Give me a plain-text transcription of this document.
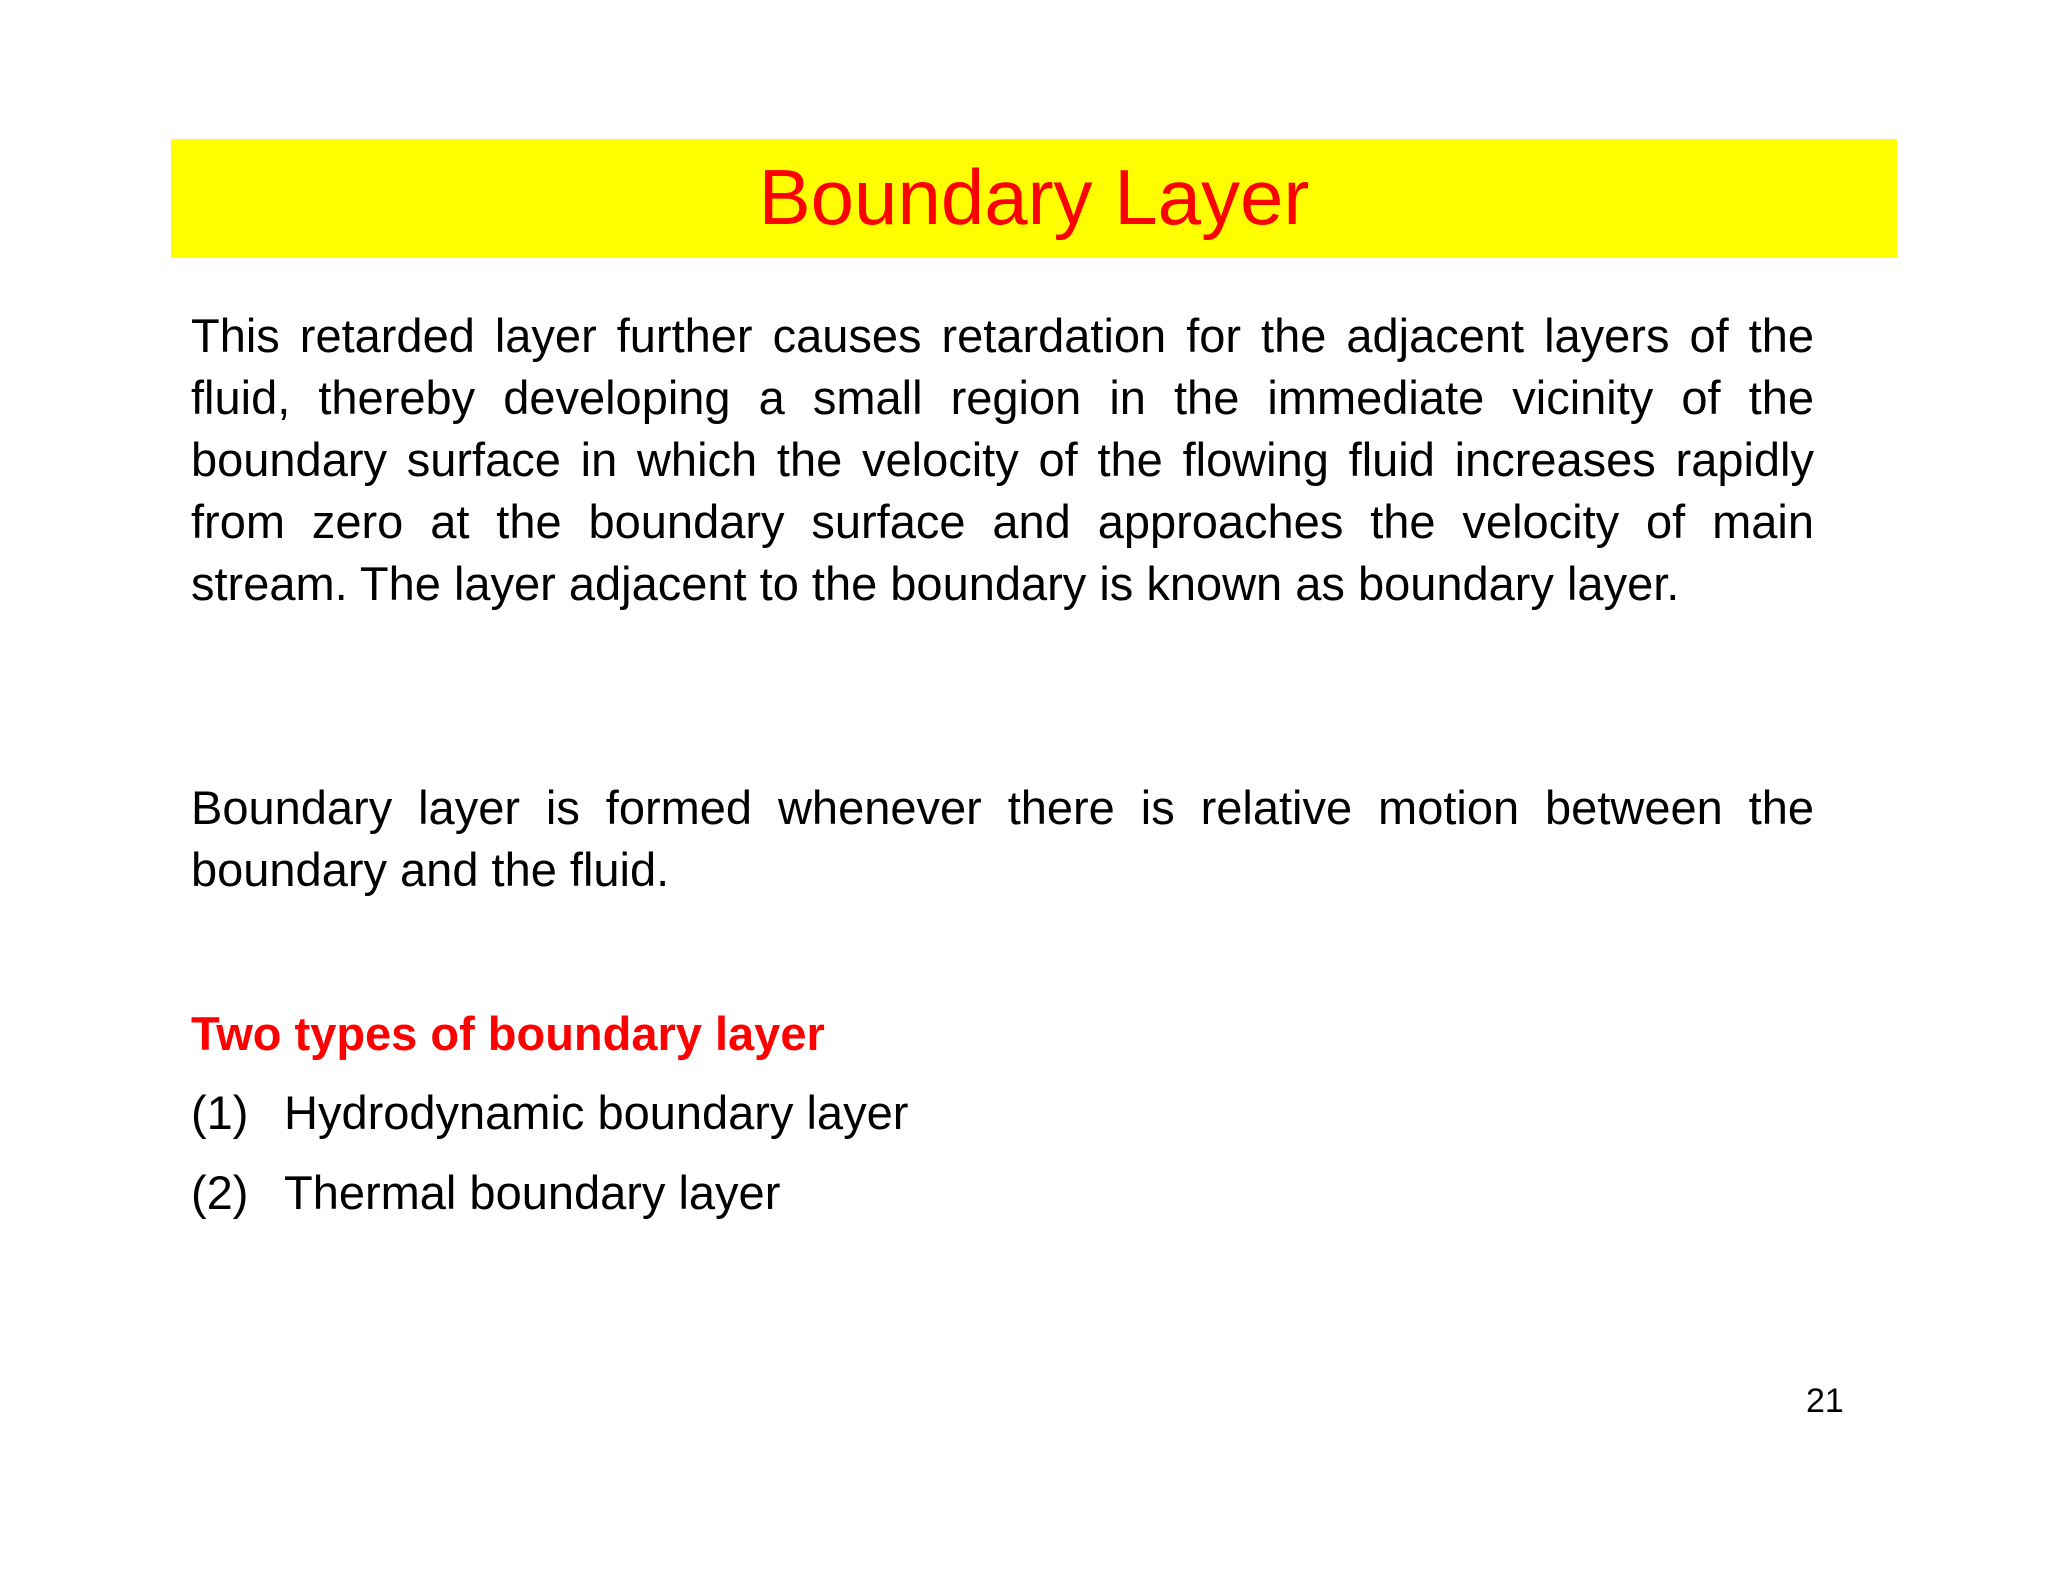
Boundary Layer

This retarded layer further causes retardation for the adjacent layers of the fluid, thereby developing a small region in the immediate vicinity of the boundary surface in which the velocity of the flowing fluid increases rapidly from zero at the boundary surface and approaches the velocity of main stream. The layer adjacent to the boundary is known as boundary layer.

Boundary layer is formed whenever there is relative motion between the boundary and the fluid.

Two types of boundary layer

(1) Hydrodynamic boundary layer
(2) Thermal boundary layer

21
